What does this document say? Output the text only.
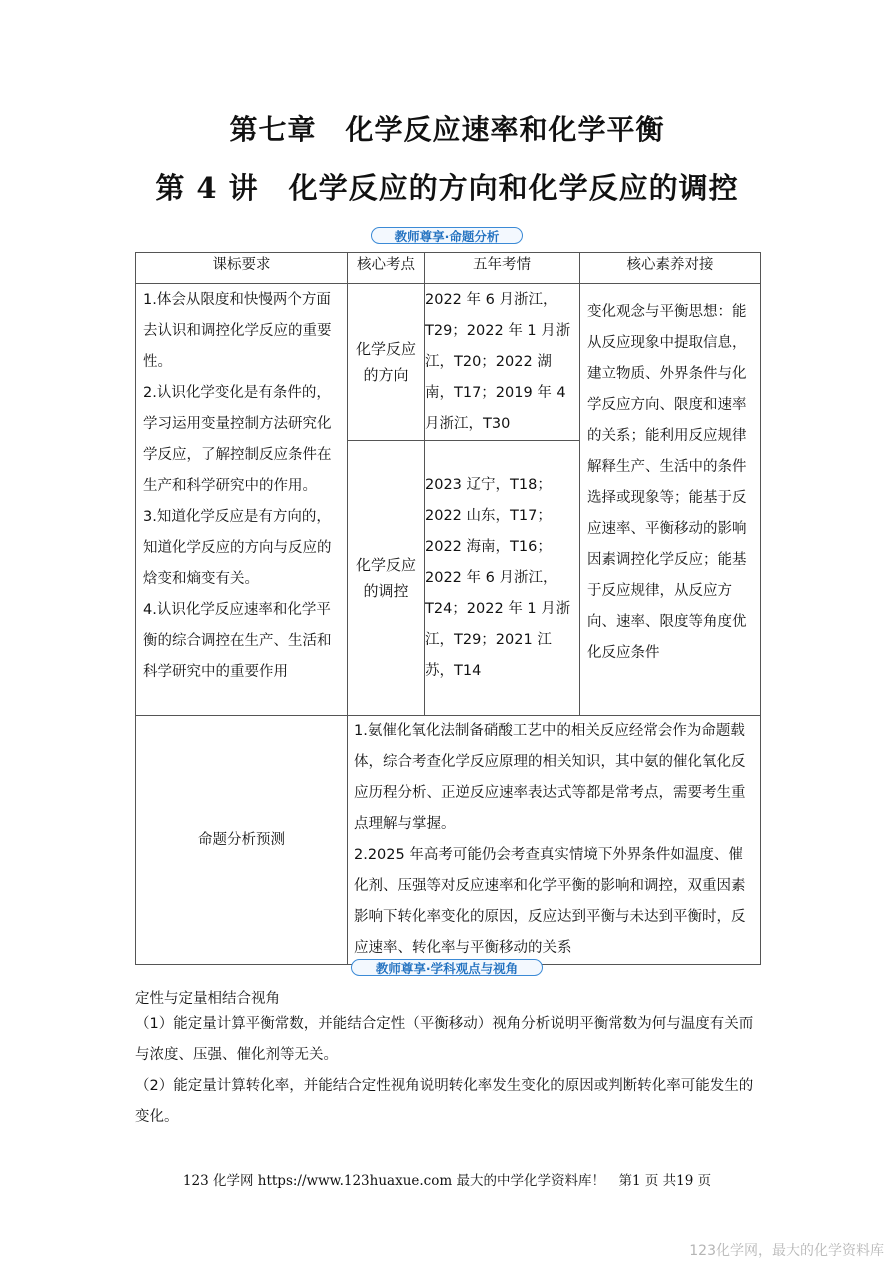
第七章　化学反应速率和化学平衡
第 4 讲　化学反应的方向和化学反应的调控
教师尊享·命题分析
课标要求	核心考点	五年考情	核心素养对接

1.体会从限度和快慢两个方面去认识和调控化学反应的重要性。

2.认识化学变化是有条件的，学习运用变量控制方法研究化学反应，了解控制反应条件在生产和科学研究中的作用。

3.知道化学反应是有方向的，知道化学反应的方向与反应的焓变和熵变有关。

4.认识化学反应速率和化学平衡的综合调控在生产、生活和科学研究中的重要作用	化学反应的方向	2022 年 6 月浙江，T29；2022 年 1 月浙江，T20；2022 湖南，T17；2019 年 4 月浙江，T30	变化观念与平衡思想：能从反应现象中提取信息，建立物质、外界条件与化学反应方向、限度和速率的关系；能利用反应规律解释生产、生活中的条件选择或现象等；能基于反应速率、平衡移动的影响因素调控化学反应；能基于反应规律，从反应方向、速率、限度等角度优化反应条件
	化学反应的调控	2023 辽宁，T18；2022 山东，T17；2022 海南，T16；2022 年 6 月浙江，T24；2022 年 1 月浙江，T29；2021 江苏，T14	
命题分析预测	1.氨催化氧化法制备硝酸工艺中的相关反应经常会作为命题载体，综合考查化学反应原理的相关知识，其中氨的催化氧化反应历程分析、正逆反应速率表达式等都是常考点，需要考生重点理解与掌握。

2.2025 年高考可能仍会考查真实情境下外界条件如温度、催化剂、压强等对反应速率和化学平衡的影响和调控，双重因素影响下转化率变化的原因，反应达到平衡与未达到平衡时，反应速率、转化率与平衡移动的关系		

教师尊享·学科观点与视角
定性与定量相结合视角
（1）能定量计算平衡常数，并能结合定性（平衡移动）视角分析说明平衡常数为何与温度有关而与浓度、压强、催化剂等无关。
（2）能定量计算转化率，并能结合定性视角说明转化率发生变化的原因或判断转化率可能发生的变化。
123 化学网 https://www.123huaxue.com 最大的中学化学资料库！　第1 页 共19 页
123化学网，最大的化学资料库
